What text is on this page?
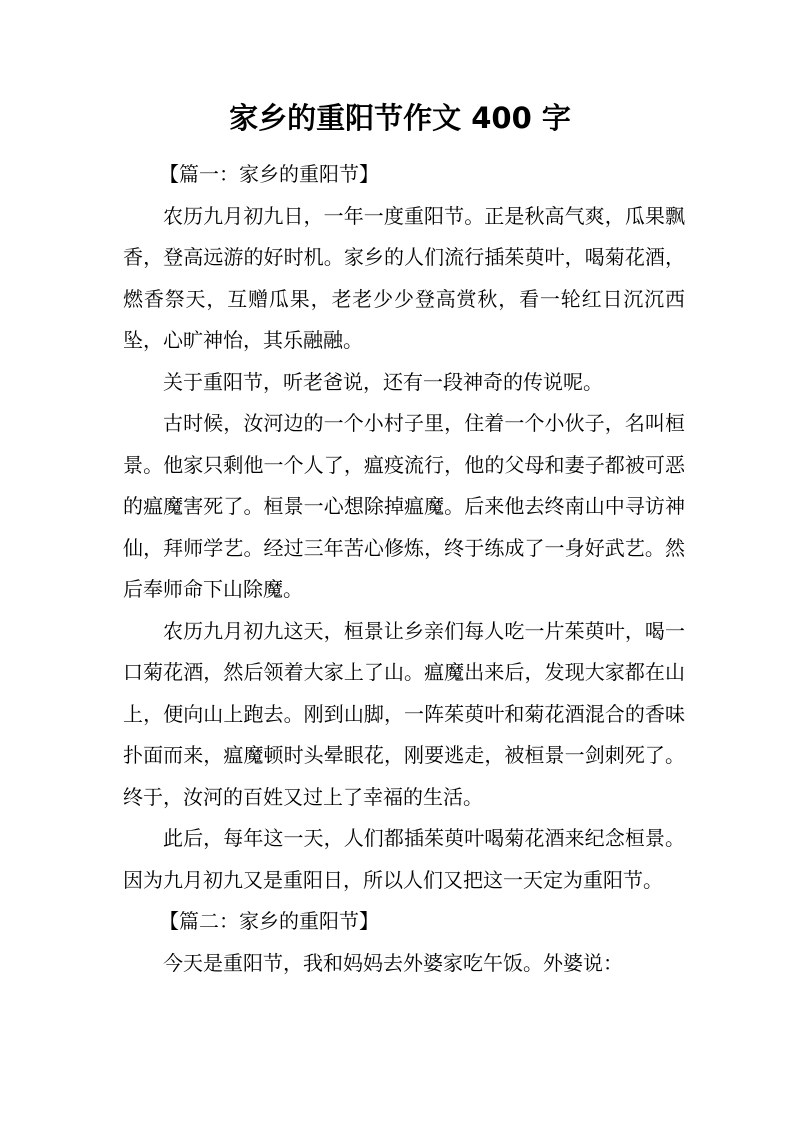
家乡的重阳节作文 400 字

【篇一：家乡的重阳节】

农历九月初九日，一年一度重阳节。正是秋高气爽，瓜果飘香，登高远游的好时机。家乡的人们流行插茱萸叶，喝菊花酒，燃香祭天，互赠瓜果，老老少少登高赏秋，看一轮红日沉沉西坠，心旷神怡，其乐融融。

关于重阳节，听老爸说，还有一段神奇的传说呢。

古时候，汝河边的一个小村子里，住着一个小伙子，名叫桓景。他家只剩他一个人了，瘟疫流行，他的父母和妻子都被可恶的瘟魔害死了。桓景一心想除掉瘟魔。后来他去终南山中寻访神仙，拜师学艺。经过三年苦心修炼，终于练成了一身好武艺。然后奉师命下山除魔。

农历九月初九这天，桓景让乡亲们每人吃一片茱萸叶，喝一口菊花酒，然后领着大家上了山。瘟魔出来后，发现大家都在山上，便向山上跑去。刚到山脚，一阵茱萸叶和菊花酒混合的香味扑面而来，瘟魔顿时头晕眼花，刚要逃走，被桓景一剑刺死了。终于，汝河的百姓又过上了幸福的生活。

此后，每年这一天，人们都插茱萸叶喝菊花酒来纪念桓景。因为九月初九又是重阳日，所以人们又把这一天定为重阳节。

【篇二：家乡的重阳节】

今天是重阳节，我和妈妈去外婆家吃午饭。外婆说：
